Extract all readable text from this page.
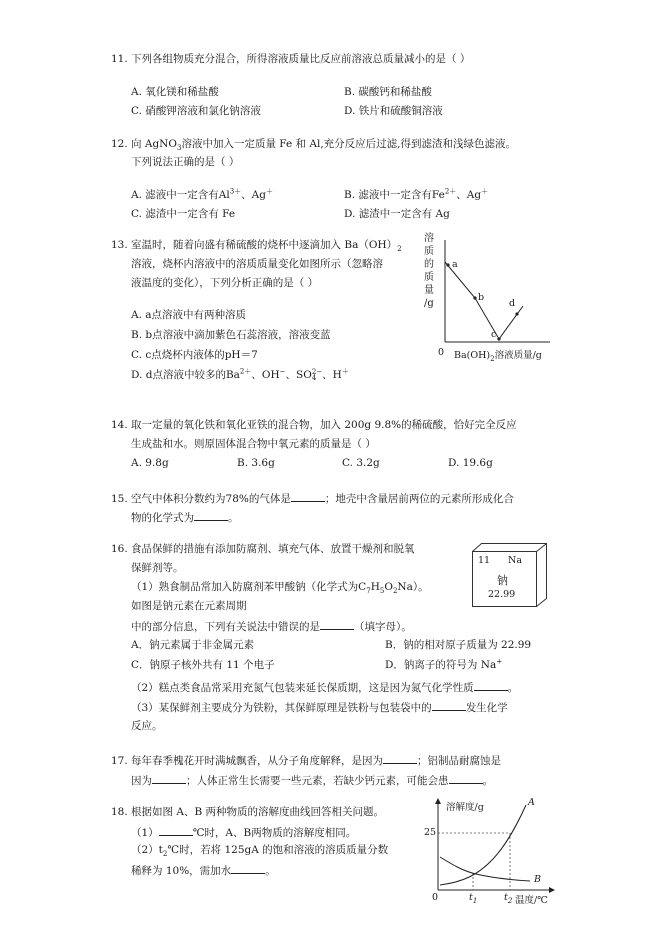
11. 下列各组物质充分混合，所得溶液质量比反应前溶液总质量减小的是（ ）
A. 氧化镁和稀盐酸	B. 碳酸钙和稀盐酸
C. 硝酸钾溶液和氯化钠溶液	D. 铁片和硫酸铜溶液
12. 向 AgNO$_3$溶液中加入一定质量 Fe 和 Al,充分反应后过滤,得到滤渣和浅绿色滤液。
下列说法正确的是（ ）
A. 滤液中一定含有$Al^{3+}$、Ag＋	B. 滤液中一定含有$Fe^{2+}$、Ag＋
C. 滤渣中一定含有 Fe	D. 滤渣中一定含有 Ag
13. 室温时，随着向盛有稀硫酸的烧杯中逐滴加入 $Ba(OH)_2$
溶液，烧杯内溶液中的溶质质量变化如图所示（忽略溶
液温度的变化），下列分析正确的是（ ）
A. a点溶液中有两种溶质
B. b点溶液中滴加紫色石蕊溶液，溶液变蓝
C. c点烧杯内液体的pH＝7
D. d点溶液中较多的$Ba^{2+}$、OH−、SO 2−
4 、H＋
溶
质
的
质
量
/g
a
b
c
d
0 $Ba(OH)_2$溶液质量/g
14. 取一定量的氧化铁和氧化亚铁的混合物，加入 200g 9.8%的稀硫酸，恰好完全反应
生成盐和水。则原固体混合物中氧元素的质量是（ ）
A. 9.8g	B. 3.6g	C. 3.2g	D. 19.6g
15. 空气中体积分数约为78%的气体是	；地壳中含量居前两位的元素所形成化合
物的化学式为	。
16. 食品保鲜的措施有添加防腐剂、填充气体、放置干燥剂和脱氧
保鲜剂等。
（1）熟食制品常加入防腐剂苯甲酸钠（化学式为$C_7H_5O_2Na$）。
如图是钠元素在元素周期
中的部分信息，下列有关说法中错误的是	（填字母）。
A．钠元素属于非金属元素	B．钠的相对原子质量为 22.99
C．钠原子核外共有 11 个电子	D．钠离子的符号为 Na+
（2）糕点类食品常采用充氮气包装来延长保质期，这是因为氮气化学性质	。
（3）某保鲜剂主要成分为铁粉，其保鲜原理是铁粉与包装袋中的	发生化学
反应。
11 Na
钠
22.99
17. 每年春季槐花开时满城飘香，从分子角度解释，是因为	；铝制品耐腐蚀是
因为	；人体正常生长需要一些元素，若缺少钙元素，可能会患	。
18. 根据如图 A、B 两种物质的溶解度曲线回答相关问题。
（1）	℃时，A、B两物质的溶解度相同。
$(2)t_2℃$时，若将 125gA 的饱和溶液的溶质质量分数
稀释为 10%，需加水	。
溶解度/g
25
0	$t_1$	$t_2$ 温度/℃
A
B
